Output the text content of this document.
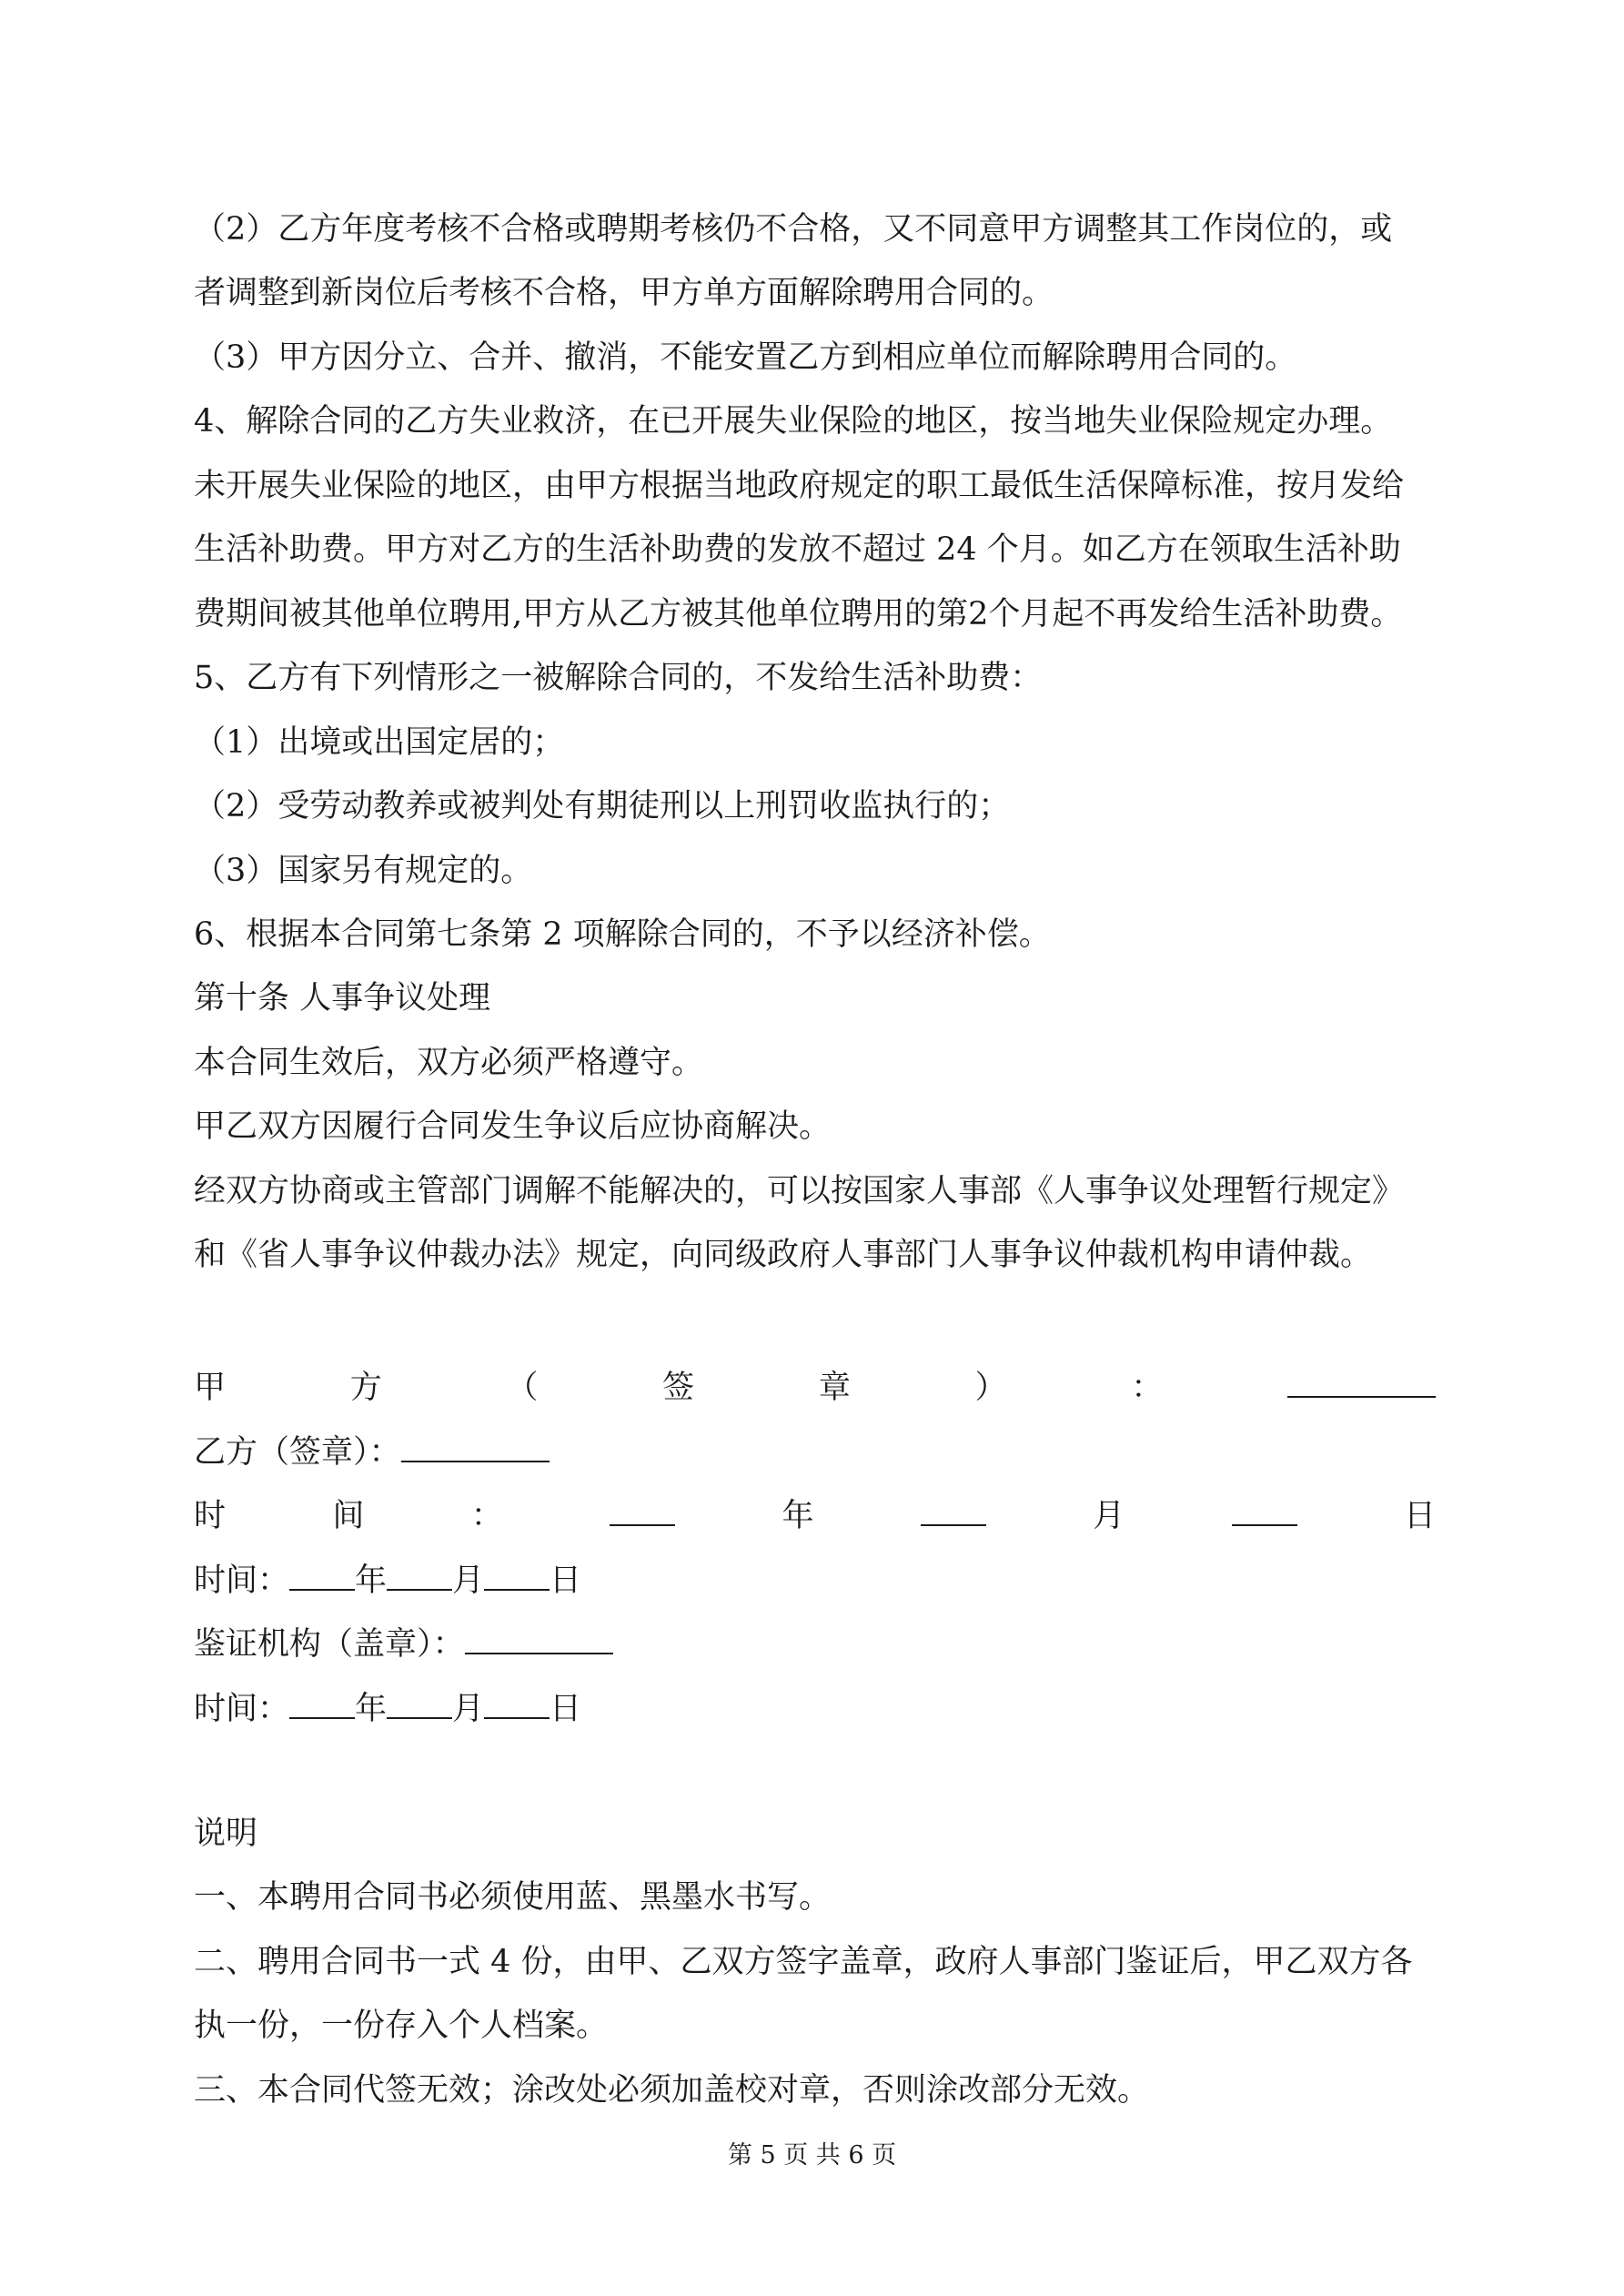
（2）乙方年度考核不合格或聘期考核仍不合格，又不同意甲方调整其工作岗位的，或
者调整到新岗位后考核不合格，甲方单方面解除聘用合同的。
（3）甲方因分立、合并、撤消，不能安置乙方到相应单位而解除聘用合同的。
4、解除合同的乙方失业救济，在已开展失业保险的地区，按当地失业保险规定办理。
未开展失业保险的地区，由甲方根据当地政府规定的职工最低生活保障标准，按月发给
生活补助费。甲方对乙方的生活补助费的发放不超过 24 个月。如乙方在领取生活补助
费期间被其他单位聘用,甲方从乙方被其他单位聘用的第2个月起不再发给生活补助费。
5、乙方有下列情形之一被解除合同的，不发给生活补助费：
（1）出境或出国定居的；
（2）受劳动教养或被判处有期徒刑以上刑罚收监执行的；
（3）国家另有规定的。
6、根据本合同第七条第 2 项解除合同的，不予以经济补偿。
第十条 人事争议处理
本合同生效后，双方必须严格遵守。
甲乙双方因履行合同发生争议后应协商解决。
经双方协商或主管部门调解不能解决的，可以按国家人事部《人事争议处理暂行规定》
和《省人事争议仲裁办法》规定，向同级政府人事部门人事争议仲裁机构申请仲裁。
甲	方	（	签	章	）	：
乙方（签章）：
时	间	：	年	月	日
时间： 年 月 日
鉴证机构（盖章）：
时间： 年 月 日
说明
一、本聘用合同书必须使用蓝、黑墨水书写。
二、聘用合同书一式 4 份，由甲、乙双方签字盖章，政府人事部门鉴证后，甲乙双方各
执一份，一份存入个人档案。
三、本合同代签无效；涂改处必须加盖校对章，否则涂改部分无效。
第 5 页 共 6 页
